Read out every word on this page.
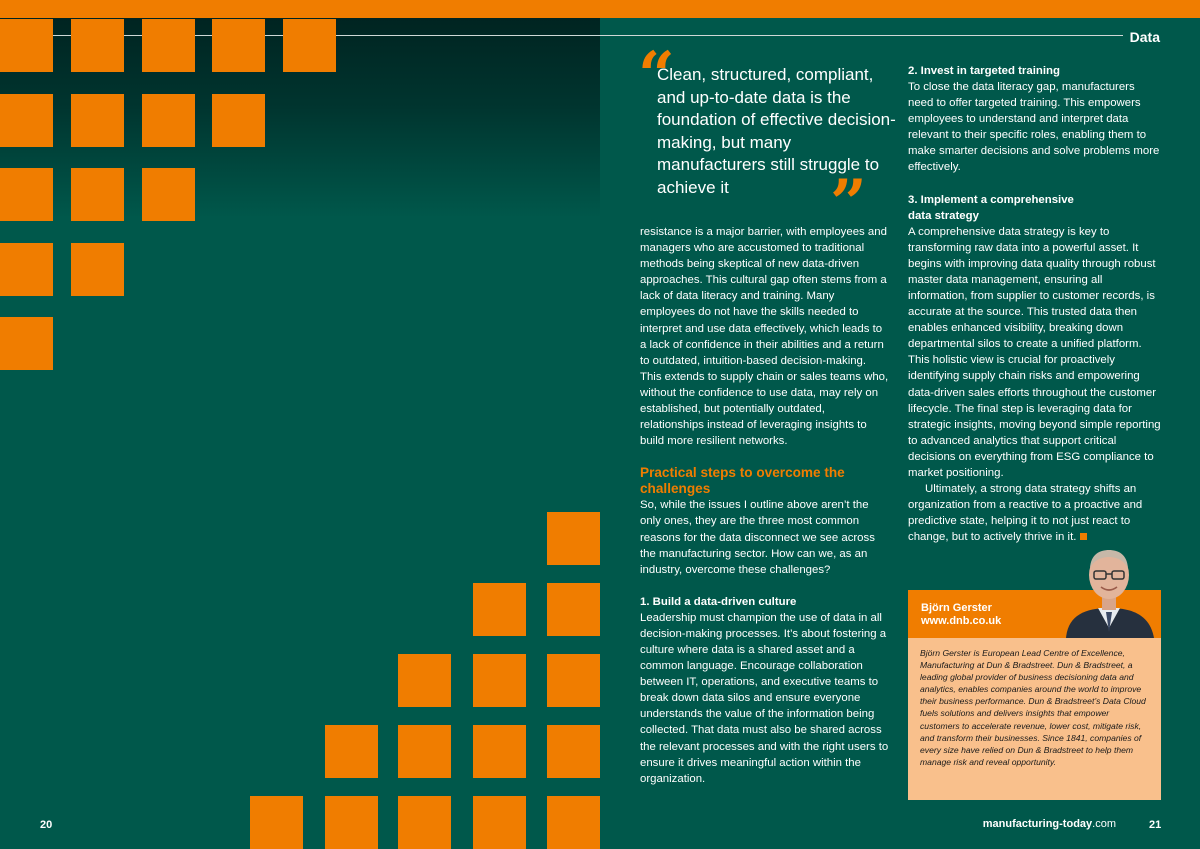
Data
“

Clean, structured, compliant, and up-to-date data is the foundation of effective decision-making, but many manufacturers still struggle to achieve it	”

resistance is a major barrier, with employees and managers who are accustomed to traditional methods being skeptical of new data-driven approaches. This cultural gap often stems from a lack of data literacy and training. Many employees do not have the skills needed to interpret and use data effectively, which leads to a lack of confidence in their abilities and a return to outdated, intuition-based decision-making. This extends to supply chain or sales teams who, without the confidence to use data, may rely on established, but potentially outdated, relationships instead of leveraging insights to build more resilient networks.

Practical steps to overcome the challenges

So, while the issues I outline above aren’t the only ones, they are the three most common reasons for the data disconnect we see across the manufacturing sector. How can we, as an industry, overcome these challenges?

1. Build a data-driven culture

Leadership must champion the use of data in all decision-making processes. It’s about fostering a culture where data is a shared asset and a common language. Encourage collaboration between IT, operations, and executive teams to break down data silos and ensure everyone understands the value of the information being collected. That data must also be shared across the relevant processes and with the right users to ensure it drives meaningful action within the organization.

2. Invest in targeted training

To close the data literacy gap, manufacturers need to offer targeted training. This empowers employees to understand and interpret data relevant to their specific roles, enabling them to make smarter decisions and solve problems more effectively.

3. Implement a comprehensive data strategy

A comprehensive data strategy is key to transforming raw data into a powerful asset. It begins with improving data quality through robust master data management, ensuring all information, from supplier to customer records, is accurate at the source. This trusted data then enables enhanced visibility, breaking down departmental silos to create a unified platform. This holistic view is crucial for proactively identifying supply chain risks and empowering data-driven sales efforts throughout the customer lifecycle. The final step is leveraging data for strategic insights, moving beyond simple reporting to advanced analytics that support critical decisions on everything from ESG compliance to market positioning.

Ultimately, a strong data strategy shifts an organization from a reactive to a proactive and predictive state, helping it to not just react to change, but to actively thrive in it.

Björn Gerster
www.dnb.co.uk
Björn Gerster is European Lead Centre of Excellence, Manufacturing at Dun & Bradstreet. Dun & Bradstreet, a leading global provider of business decisioning data and analytics, enables companies around the world to improve their business performance. Dun & Bradstreet’s Data Cloud fuels solutions and delivers insights that empower customers to accelerate revenue, lower cost, mitigate risk, and transform their businesses. Since 1841, companies of every size have relied on Dun & Bradstreet to help them manage risk and reveal opportunity.
20	manufacturing-today.com	21
